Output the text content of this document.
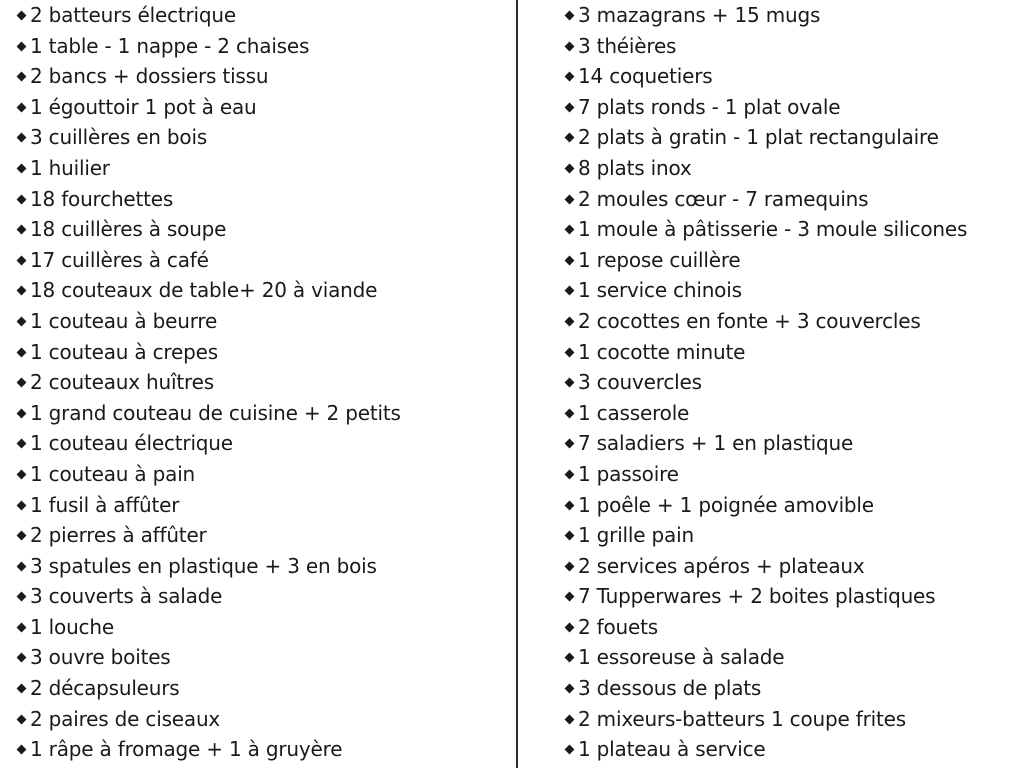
2 batteurs électrique
1 table - 1 nappe - 2 chaises
2 bancs + dossiers tissu
1 égouttoir 1 pot à eau
3 cuillères en bois
1 huilier
18 fourchettes
18 cuillères à soupe
17 cuillères à café
18 couteaux de table+ 20 à viande
1 couteau à beurre
1 couteau à crepes
2 couteaux huîtres
1 grand couteau de cuisine + 2 petits
1 couteau électrique
1 couteau à pain
1 fusil à affûter
2 pierres à affûter
3 spatules en plastique + 3 en bois
3 couverts à salade
1 louche
3 ouvre boites
2 décapsuleurs
2 paires de ciseaux
1 râpe à fromage + 1 à gruyère
3 mazagrans + 15 mugs
3 théières
14 coquetiers
7 plats ronds - 1 plat ovale
2 plats à gratin - 1 plat rectangulaire
8 plats inox
2 moules cœur - 7 ramequins
1 moule à pâtisserie - 3 moule silicones
1 repose cuillère
1 service chinois
2 cocottes en fonte + 3 couvercles
1 cocotte minute
3 couvercles
1 casserole
7 saladiers + 1 en plastique
1 passoire
1 poêle + 1 poignée amovible
1 grille pain
2 services apéros + plateaux
7 Tupperwares + 2 boites plastiques
2 fouets
1 essoreuse à salade
3 dessous de plats
2 mixeurs-batteurs 1 coupe frites
1 plateau à service
